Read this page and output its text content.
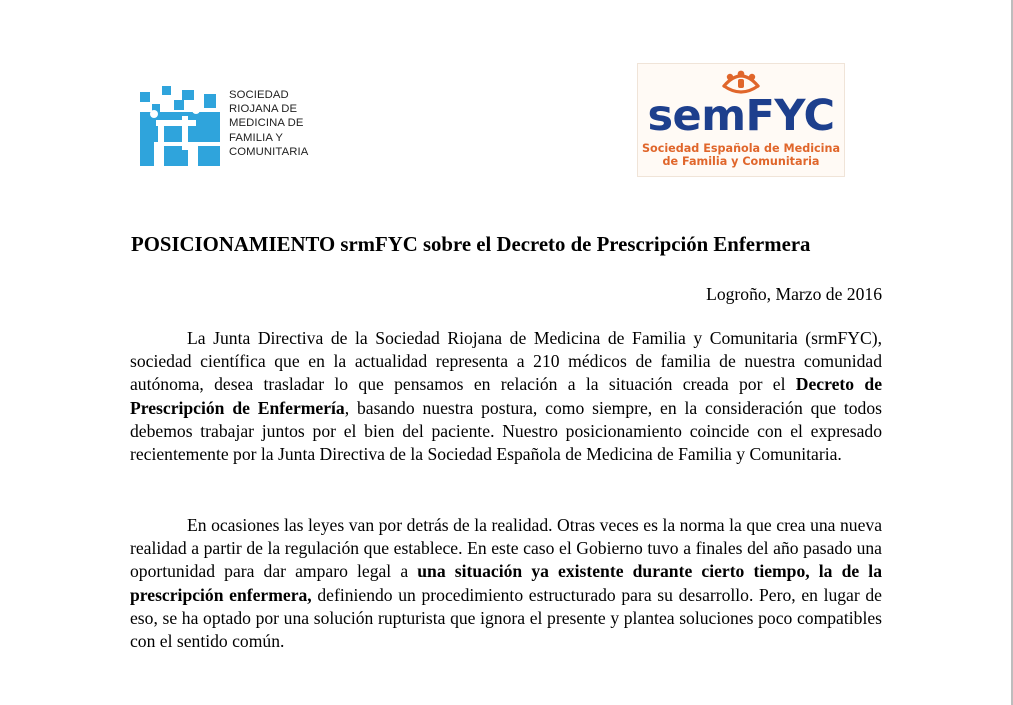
SOCIEDAD
RIOJANA DE
MEDICINA DE
FAMILIA Y
COMUNITARIA
semFYC
Sociedad Española de Medicina
de Familia y Comunitaria
POSICIONAMIENTO srmFYC sobre el Decreto de Prescripción Enfermera
Logroño, Marzo de 2016

La Junta Directiva de la Sociedad Riojana de Medicina de Familia y Comunitaria (srmFYC), sociedad científica que en la actualidad representa a 210 médicos de familia de nuestra comunidad autónoma, desea trasladar lo que pensamos en relación a la situación creada por el Decreto de Prescripción de Enfermería, basando nuestra postura, como siempre, en la consideración que todos debemos trabajar juntos por el bien del paciente. Nuestro posicionamiento coincide con el expresado recientemente por la Junta Directiva de la Sociedad Española de Medicina de Familia y Comunitaria.

En ocasiones las leyes van por detrás de la realidad. Otras veces es la norma la que crea una nueva realidad a partir de la regulación que establece. En este caso el Gobierno tuvo a finales del año pasado una oportunidad para dar amparo legal a una situación ya existente durante cierto tiempo, la de la prescripción enfermera, definiendo un procedimiento estructurado para su desarrollo. Pero, en lugar de eso, se ha optado por una solución rupturista que ignora el presente y plantea soluciones poco compatibles con el sentido común.
